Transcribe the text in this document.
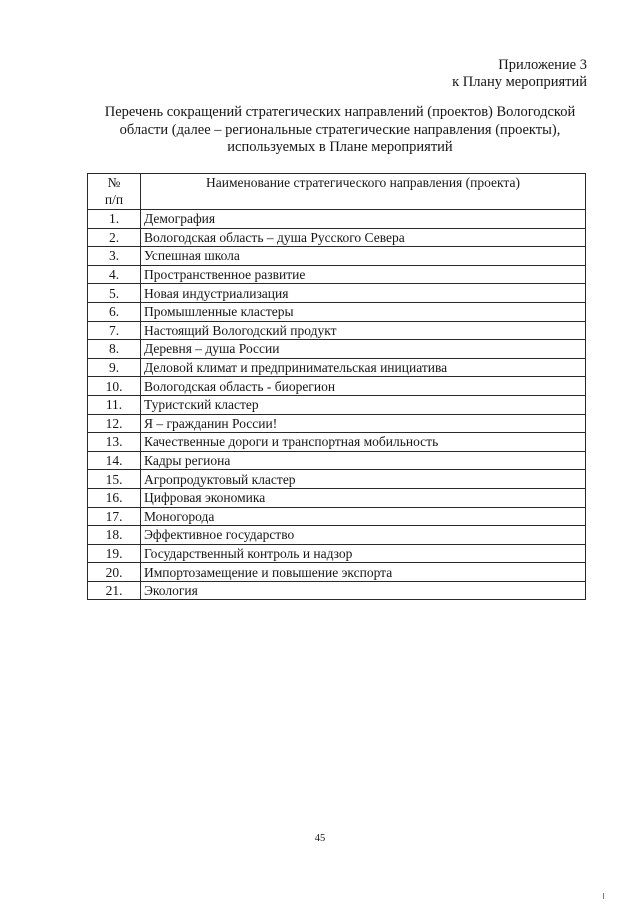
Приложение 3
к Плану мероприятий
Перечень сокращений стратегических направлений (проектов) Вологодской
области (далее – региональные стратегические направления (проекты),
используемых в Плане мероприятий
№
п/п	Наименование стратегического направления (проекта)
1.	Демография
2.	Вологодская область – душа Русского Севера
3.	Успешная школа
4.	Пространственное развитие
5.	Новая индустриализация
6.	Промышленные кластеры
7.	Настоящий Вологодский продукт
8.	Деревня – душа России
9.	Деловой климат и предпринимательская инициатива
10.	Вологодская область - биорегион
11.	Туристский кластер
12.	Я – гражданин России!
13.	Качественные дороги и транспортная мобильность
14.	Кадры региона
15.	Агропродуктовый кластер
16.	Цифровая экономика
17.	Моногорода
18.	Эффективное государство
19.	Государственный контроль и надзор
20.	Импортозамещение и повышение экспорта
21.	Экология
45
